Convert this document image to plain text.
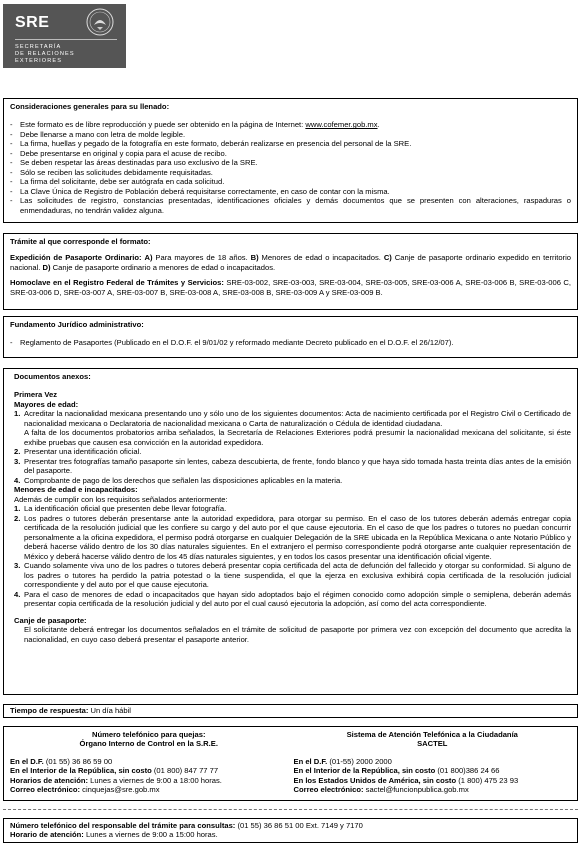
SRE
SECRETARÍA
DE RELACIONES
EXTERIORES
Consideraciones generales para su llenado:
- Este formato es de libre reproducción y puede ser obtenido en la página de Internet: www.cofemer.gob.mx.
- Debe llenarse a mano con letra de molde legible.
- La firma, huellas y pegado de la fotografía en este formato, deberán realizarse en presencia del personal de la SRE.
- Debe presentarse en original y copia para el acuse de recibo.
- Se deben respetar las áreas destinadas para uso exclusivo de la SRE.
- Sólo se reciben las solicitudes debidamente requisitadas.
- La firma del solicitante, debe ser autógrafa en cada solicitud.
- La Clave Única de Registro de Población deberá requisitarse correctamente, en caso de contar con la misma.
- Las solicitudes de registro, constancias presentadas, identificaciones oficiales y demás documentos que se presenten con alteraciones, raspaduras o enmendaduras, no tendrán validez alguna.
Trámite al que corresponde el formato:
Expedición de Pasaporte Ordinario: A) Para mayores de 18 años. B) Menores de edad o incapacitados. C) Canje de pasaporte ordinario expedido en territorio nacional. D) Canje de pasaporte ordinario a menores de edad o incapacitados.
Homoclave en el Registro Federal de Trámites y Servicios: SRE-03-002, SRE-03-003, SRE-03-004, SRE-03-005, SRE-03-006 A, SRE-03-006 B, SRE-03-006 C, SRE-03-006 D, SRE-03-007 A, SRE-03-007 B, SRE-03-008 A, SRE-03-008 B, SRE-03-009 A y SRE-03-009 B.
Fundamento Jurídico administrativo:
- Reglamento de Pasaportes (Publicado en el D.O.F. el 9/01/02 y reformado mediante Decreto publicado en el D.O.F. el 26/12/07).
Documentos anexos:
Primera Vez
Mayores de edad:
1. Acreditar la nacionalidad mexicana presentando uno y sólo uno de los siguientes documentos: Acta de nacimiento certificada por el Registro Civil o Certificado de nacionalidad mexicana o Declaratoria de nacionalidad mexicana o Carta de naturalización o Cédula de identidad ciudadana.
A falta de los documentos probatorios arriba señalados, la Secretaría de Relaciones Exteriores podrá presumir la nacionalidad mexicana del solicitante, si éste exhibe pruebas que causen esa convicción en la autoridad expedidora.
2. Presentar una identificación oficial.
3. Presentar tres fotografías tamaño pasaporte sin lentes, cabeza descubierta, de frente, fondo blanco y que haya sido tomada hasta treinta días antes de la emisión del pasaporte.
4. Comprobante de pago de los derechos que señalen las disposiciones aplicables en la materia.
Menores de edad e incapacitados:
Además de cumplir con los requisitos señalados anteriormente:
1. La identificación oficial que presenten debe llevar fotografía.
2. Los padres o tutores deberán presentarse ante la autoridad expedidora, para otorgar su permiso. En el caso de los tutores deberán además entregar copia certificada de la resolución judicial que les confiere su cargo y del auto por el que cause ejecutoria. En el caso de que los padres o tutores no puedan concurrir personalmente a la oficina expedidora, el permiso podrá otorgarse en cualquier Delegación de la SRE ubicada en la República Mexicana o ante Notario Público y deberá hacerse válido dentro de los 30 días naturales siguientes. En el extranjero el permiso correspondiente podrá otorgarse ante cualquier representación de México y deberá hacerse válido dentro de los 45 días naturales siguientes, y en todos los casos presentar una identificación oficial vigente.
3. Cuando solamente viva uno de los padres o tutores deberá presentar copia certificada del acta de defunción del fallecido y otorgar su conformidad. Si alguno de los padres o tutores ha perdido la patria potestad o la tiene suspendida, el que la ejerza en exclusiva exhibirá copia certificada de la resolución judicial correspondiente y del auto por el que cause ejecutoria.
4. Para el caso de menores de edad o incapacitados que hayan sido adoptados bajo el régimen conocido como adopción simple o semiplena, deberán además presentar copia certificada de la resolución judicial y del auto por el cual causó ejecutoria la adopción, así como del acta correspondiente.
Canje de pasaporte:
El solicitante deberá entregar los documentos señalados en el trámite de solicitud de pasaporte por primera vez con excepción del documento que acredita la nacionalidad, en cuyo caso deberá presentar el pasaporte anterior.
Tiempo de respuesta: Un día hábil
Número telefónico para quejas:
Órgano Interno de Control en la S.R.E.
En el D.F. (01 55) 36 86 59 00
En el Interior de la República, sin costo (01 800) 847 77 77
Horarios de atención: Lunes a viernes de 9:00 a 18:00 horas.
Correo electrónico: cinquejas@sre.gob.mx
Sistema de Atención Telefónica a la Ciudadanía
SACTEL
En el D.F. (01-55) 2000 2000
En el Interior de la República, sin costo (01 800)386 24 66
En los Estados Unidos de América, sin costo (1 800) 475 23 93
Correo electrónico: sactel@funcionpublica.gob.mx
Número telefónico del responsable del trámite para consultas: (01 55) 36 86 51 00 Ext. 7149 y 7170
Horario de atención: Lunes a viernes de 9:00 a 15:00 horas.
